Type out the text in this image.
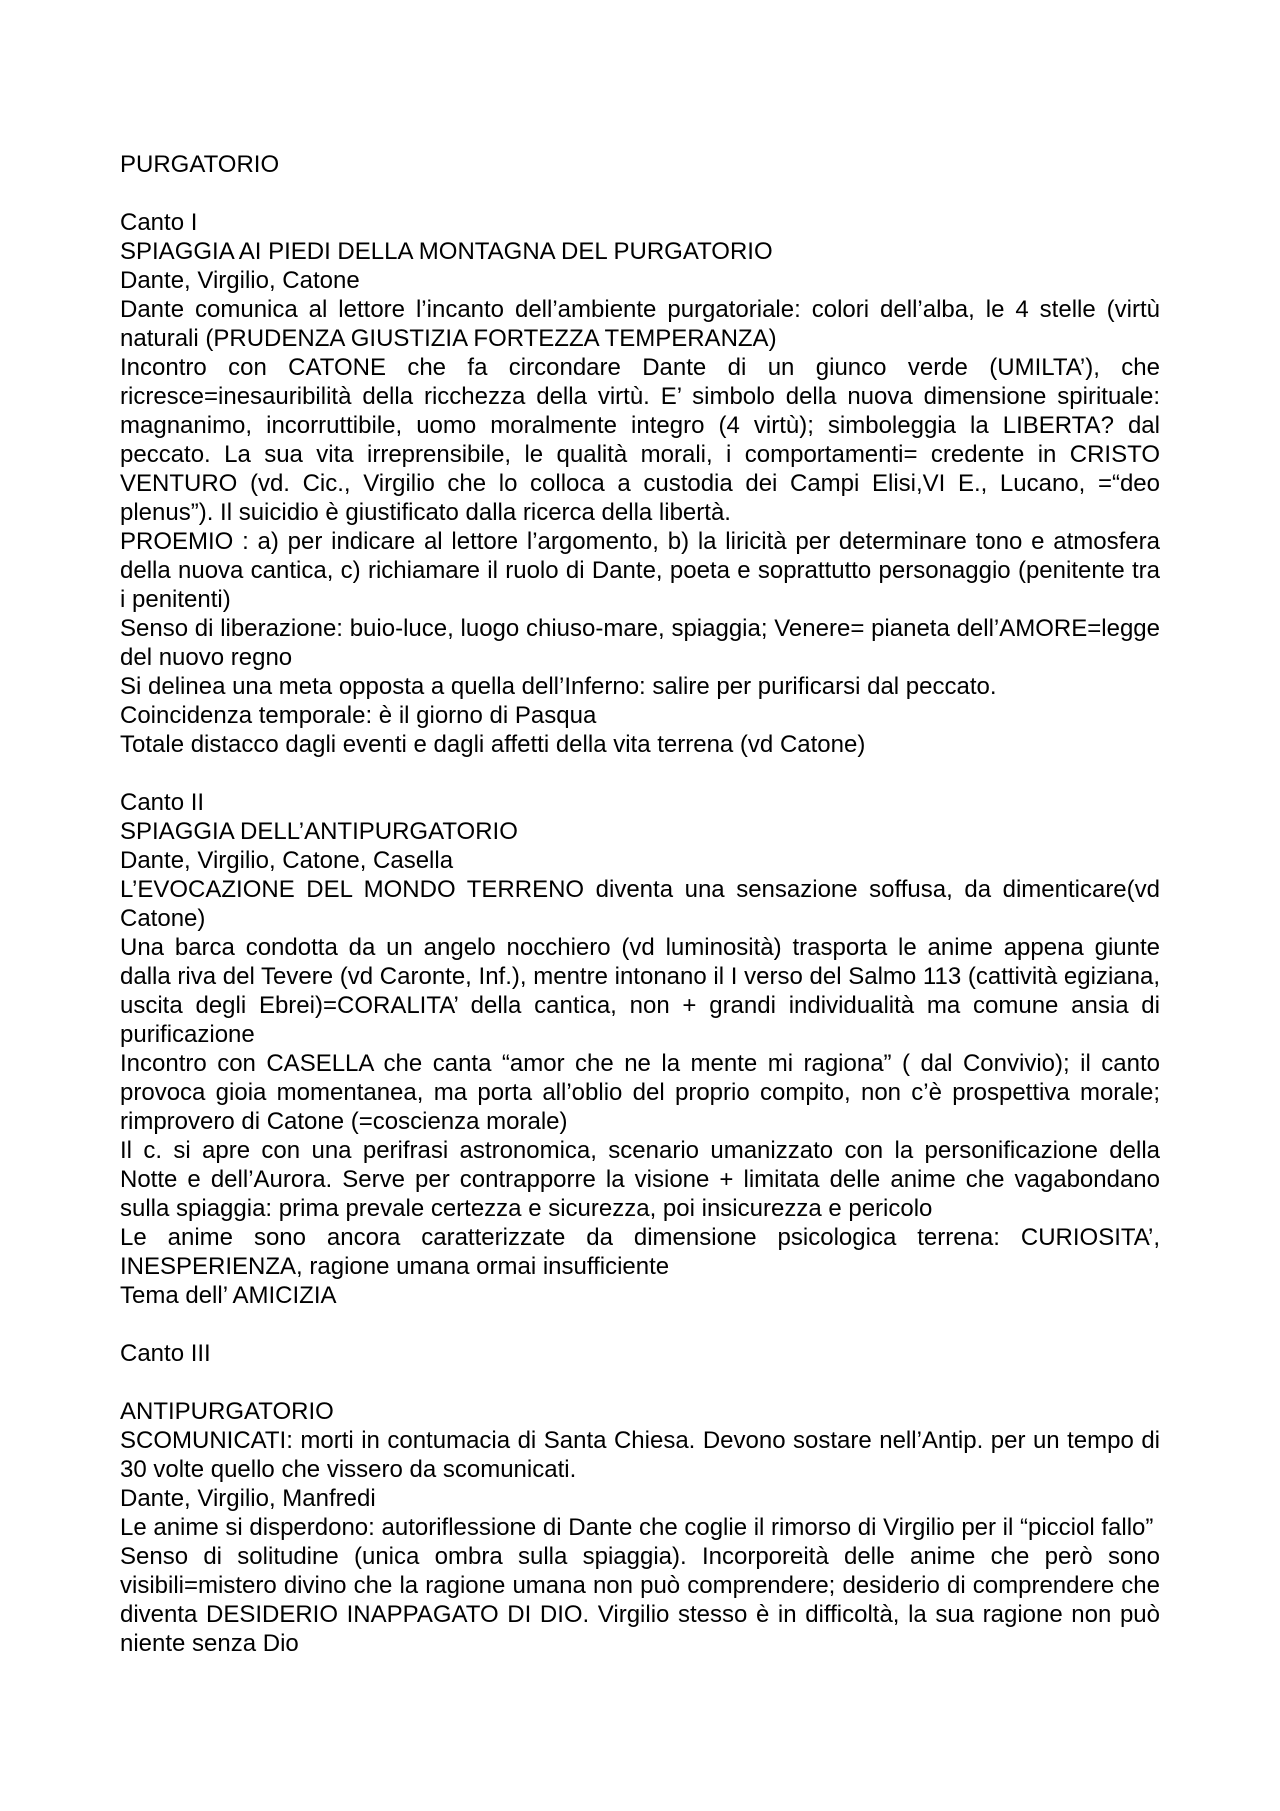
PURGATORIO
Canto I
SPIAGGIA AI PIEDI DELLA MONTAGNA DEL PURGATORIO
Dante, Virgilio, Catone

Dante comunica al lettore l’incanto dell’ambiente purgatoriale: colori dell’alba, le 4 stelle (virtù naturali (PRUDENZA GIUSTIZIA FORTEZZA TEMPERANZA)

Incontro con CATONE che fa circondare Dante di un giunco verde (UMILTA’), che ricresce=inesauribilità della ricchezza della virtù. E’ simbolo della nuova dimensione spirituale: magnanimo, incorruttibile, uomo moralmente integro (4 virtù); simboleggia la LIBERTA? dal peccato. La sua vita irreprensibile, le qualità morali, i comportamenti= credente in CRISTO VENTURO (vd. Cic., Virgilio che lo colloca a custodia dei Campi Elisi,VI E., Lucano, =“deo plenus”). Il suicidio è giustificato dalla ricerca della libertà.

PROEMIO : a) per indicare al lettore l’argomento, b) la liricità per determinare tono e atmosfera della nuova cantica, c) richiamare il ruolo di Dante, poeta e soprattutto personaggio (penitente tra i penitenti)

Senso di liberazione: buio-luce, luogo chiuso-mare, spiaggia; Venere= pianeta dell’AMORE=legge del nuovo regno

Si delinea una meta opposta a quella dell’Inferno: salire per purificarsi dal peccato.

Coincidenza temporale: è il giorno di Pasqua

Totale distacco dagli eventi e dagli affetti della vita terrena (vd Catone)

Canto II
SPIAGGIA DELL’ANTIPURGATORIO
Dante, Virgilio, Catone, Casella

L’EVOCAZIONE DEL MONDO TERRENO diventa una sensazione soffusa, da dimenticare(vd Catone)

Una barca condotta da un angelo nocchiero (vd luminosità) trasporta le anime appena giunte dalla riva del Tevere (vd Caronte, Inf.), mentre intonano il I verso del Salmo 113 (cattività egiziana, uscita degli Ebrei)=CORALITA’ della cantica, non + grandi individualità ma comune ansia di purificazione

Incontro con CASELLA che canta “amor che ne la mente mi ragiona” ( dal Convivio); il canto provoca gioia momentanea, ma porta all’oblio del proprio compito, non c’è prospettiva morale; rimprovero di Catone (=coscienza morale)

Il c. si apre con una perifrasi astronomica, scenario umanizzato con la personificazione della Notte e dell’Aurora. Serve per contrapporre la visione + limitata delle anime che vagabondano sulla spiaggia: prima prevale certezza e sicurezza, poi insicurezza e pericolo

Le anime sono ancora caratterizzate da dimensione psicologica terrena: CURIOSITA’, INESPERIENZA, ragione umana ormai insufficiente

Tema dell’ AMICIZIA

Canto III
ANTIPURGATORIO

SCOMUNICATI: morti in contumacia di Santa Chiesa. Devono sostare nell’Antip. per un tempo di 30 volte quello che vissero da scomunicati.

Dante, Virgilio, Manfredi

Le anime si disperdono: autoriflessione di Dante che coglie il rimorso di Virgilio per il “picciol fallo”

Senso di solitudine (unica ombra sulla spiaggia). Incorporeità delle anime che però sono visibili=mistero divino che la ragione umana non può comprendere; desiderio di comprendere che diventa DESIDERIO INAPPAGATO DI DIO. Virgilio stesso è in difficoltà, la sua ragione non può niente senza Dio
